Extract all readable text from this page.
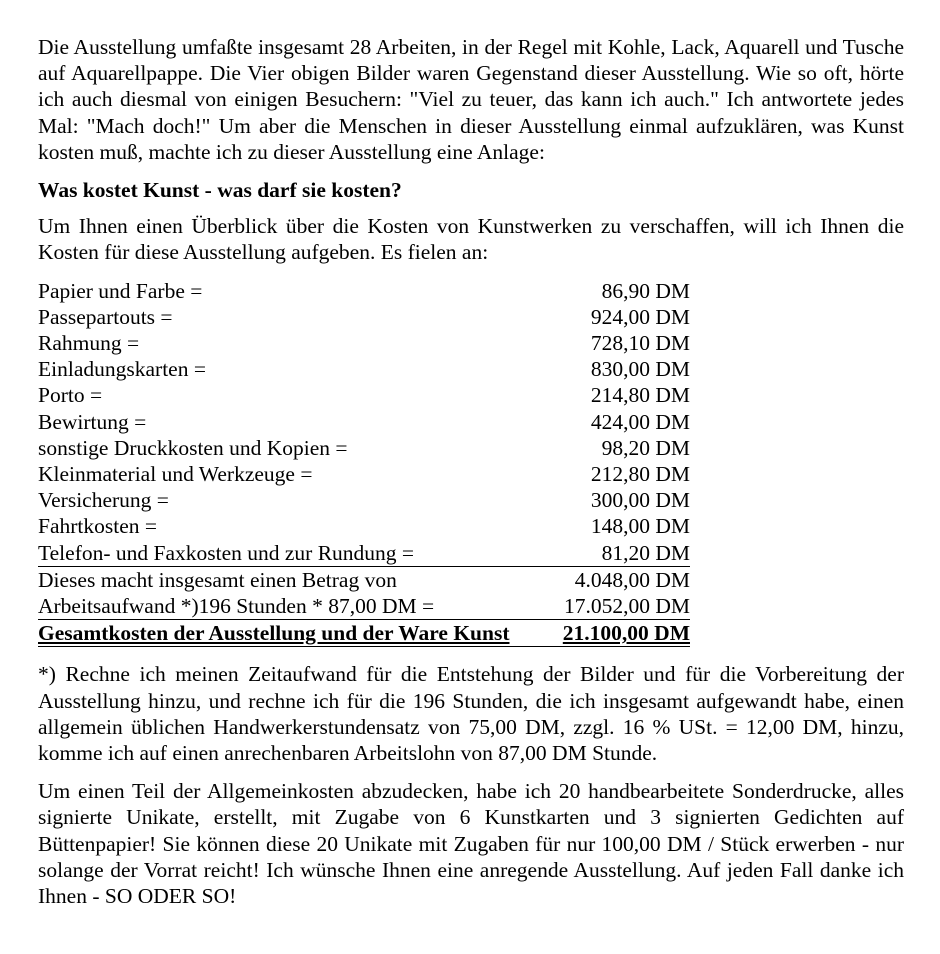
Die Ausstellung umfaßte insgesamt 28 Arbeiten, in der Regel mit Kohle, Lack, Aquarell und Tusche auf Aquarellpappe. Die Vier obigen Bilder waren Gegenstand dieser Ausstellung. Wie so oft, hörte ich auch diesmal von einigen Besuchern: "Viel zu teuer, das kann ich auch." Ich antwortete jedes Mal: "Mach doch!" Um aber die Menschen in dieser Ausstellung einmal aufzuklären, was Kunst kosten muß, machte ich zu dieser Ausstellung eine Anlage:

Was kostet Kunst - was darf sie kosten?

Um Ihnen einen Überblick über die Kosten von Kunstwerken zu verschaffen, will ich Ihnen die Kosten für diese Ausstellung aufgeben. Es fielen an:

Papier und Farbe =	86,90 DM
Passepartouts =	924,00 DM
Rahmung =	728,10 DM
Einladungskarten =	830,00 DM
Porto =	214,80 DM
Bewirtung =	424,00 DM
sonstige Druckkosten und Kopien =	98,20 DM
Kleinmaterial und Werkzeuge =	212,80 DM
Versicherung =	300,00 DM
Fahrtkosten =	148,00 DM
Telefon- und Faxkosten und zur Rundung =	81,20 DM
Dieses macht insgesamt einen Betrag von	4.048,00 DM
Arbeitsaufwand *)196 Stunden * 87,00 DM =	17.052,00 DM
Gesamtkosten der Ausstellung und der Ware Kunst	21.100,00 DM

*) Rechne ich meinen Zeitaufwand für die Entstehung der Bilder und für die Vorbereitung der Ausstellung hinzu, und rechne ich für die 196 Stunden, die ich insgesamt aufgewandt habe, einen allgemein üblichen Handwerkerstundensatz von 75,00 DM, zzgl. 16 % USt. = 12,00 DM, hinzu, komme ich auf einen anrechenbaren Arbeitslohn von 87,00 DM Stunde.

Um einen Teil der Allgemeinkosten abzudecken, habe ich 20 handbearbeitete Sonderdrucke, alles signierte Unikate, erstellt, mit Zugabe von 6 Kunstkarten und 3 signierten Gedichten auf Büttenpapier! Sie können diese 20 Unikate mit Zugaben für nur 100,00 DM / Stück erwerben - nur solange der Vorrat reicht! Ich wünsche Ihnen eine anregende Ausstellung. Auf jeden Fall danke ich Ihnen - SO ODER SO!
